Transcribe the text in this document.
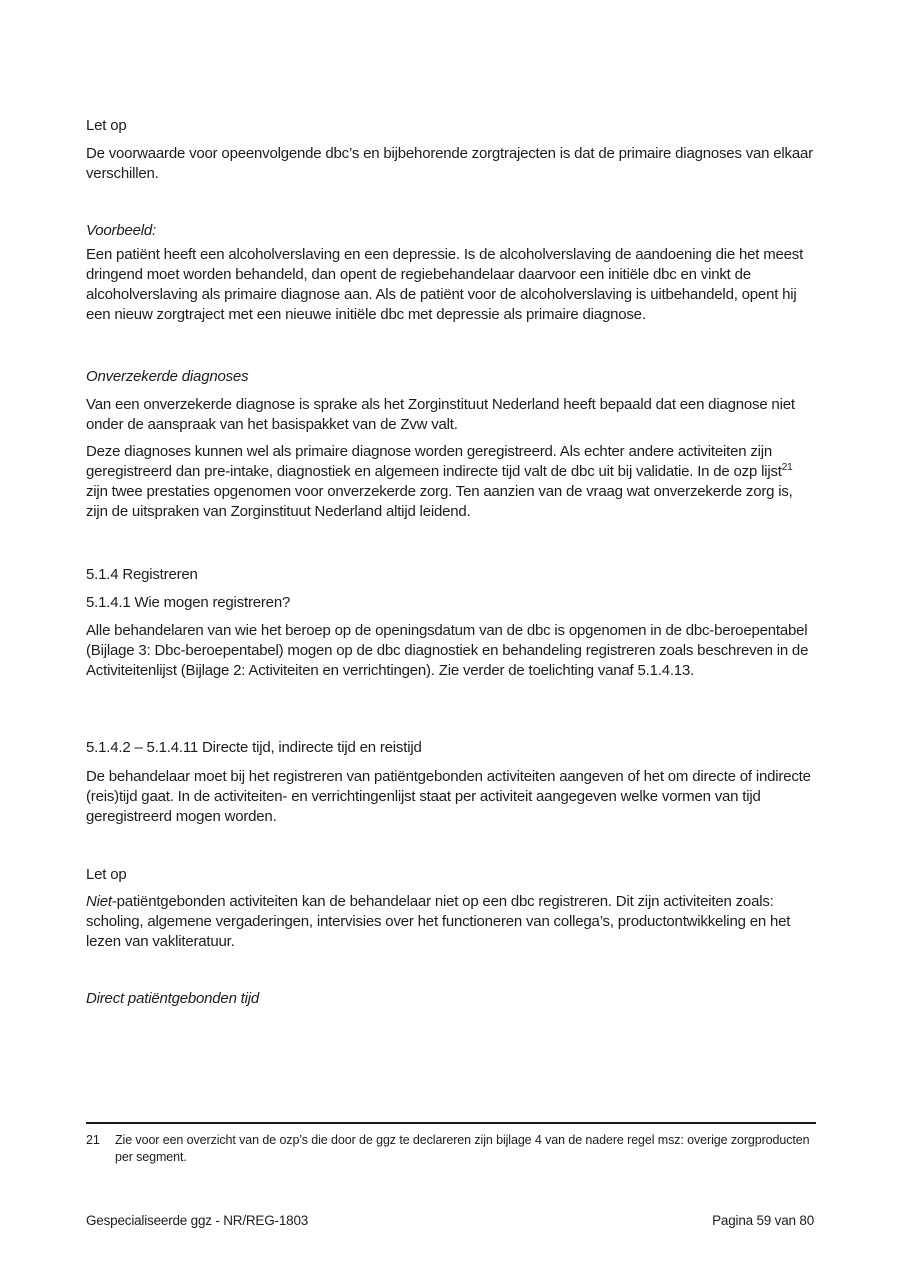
Let op

De voorwaarde voor opeenvolgende dbc’s en bijbehorende zorgtrajecten is dat de primaire diagnoses van elkaar verschillen.

Voorbeeld:

Een patiënt heeft een alcoholverslaving en een depressie. Is de alcoholverslaving de aandoening die het meest dringend moet worden behandeld, dan opent de regiebehandelaar daarvoor een initiële dbc en vinkt de alcoholverslaving als primaire diagnose aan. Als de patiënt voor de alcoholverslaving is uitbehandeld, opent hij een nieuw zorgtraject met een nieuwe initiële dbc met depressie als primaire diagnose.

Onverzekerde diagnoses

Van een onverzekerde diagnose is sprake als het Zorginstituut Nederland heeft bepaald dat een diagnose niet onder de aanspraak van het basispakket van de Zvw valt.

Deze diagnoses kunnen wel als primaire diagnose worden geregistreerd. Als echter andere activiteiten zijn geregistreerd dan pre-intake, diagnostiek en algemeen indirecte tijd valt de dbc uit bij validatie. In de ozp lijst$^{21}$ zijn twee prestaties opgenomen voor onverzekerde zorg. Ten aanzien van de vraag wat onverzekerde zorg is, zijn de uitspraken van Zorginstituut Nederland altijd leidend.

5.1.4 Registreren

5.1.4.1 Wie mogen registreren?

Alle behandelaren van wie het beroep op de openingsdatum van de dbc is opgenomen in de dbc-beroepentabel (Bijlage 3: Dbc-beroepentabel) mogen op de dbc diagnostiek en behandeling registreren zoals beschreven in de Activiteitenlijst (Bijlage 2: Activiteiten en verrichtingen). Zie verder de toelichting vanaf 5.1.4.13.

5.1.4.2 – 5.1.4.11 Directe tijd, indirecte tijd en reistijd

De behandelaar moet bij het registreren van patiëntgebonden activiteiten aangeven of het om directe of indirecte (reis)tijd gaat. In de activiteiten- en verrichtingenlijst staat per activiteit aangegeven welke vormen van tijd geregistreerd mogen worden.

Let op

Niet-patiëntgebonden activiteiten kan de behandelaar niet op een dbc registreren. Dit zijn activiteiten zoals: scholing, algemene vergaderingen, intervisies over het functioneren van collega’s, productontwikkeling en het lezen van vakliteratuur.

Direct patiëntgebonden tijd

21	Zie voor een overzicht van de ozp’s die door de ggz te declareren zijn bijlage 4 van de nadere regel msz: overige zorgproducten per segment.
Gespecialiseerde ggz - NR/REG-1803	Pagina 59 van 80
